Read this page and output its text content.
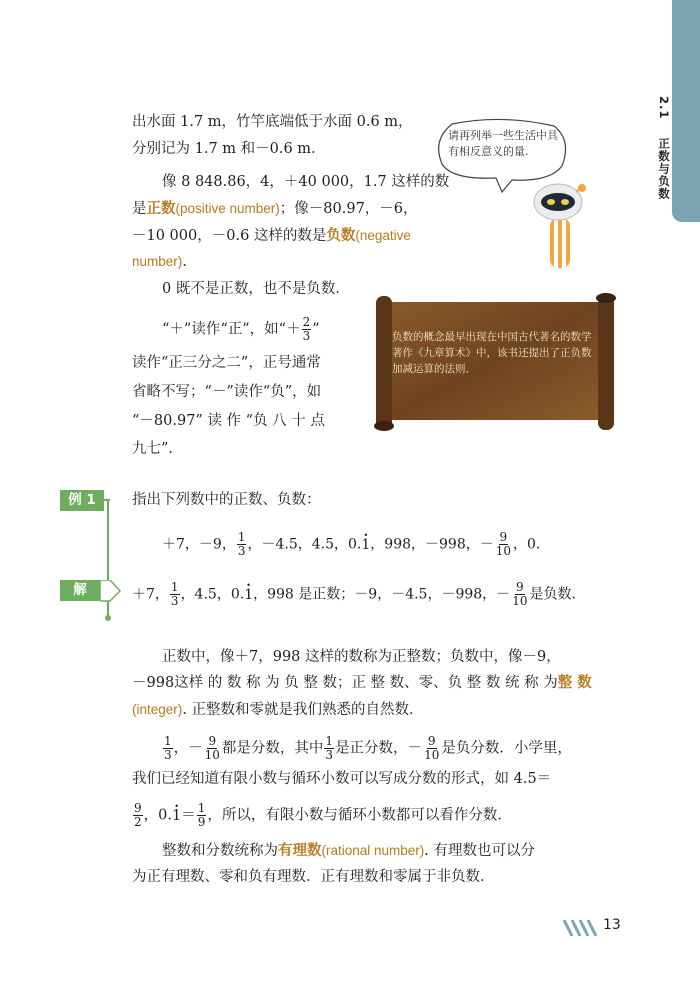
2.1  正数与负数
请再列举一些生活中具有相反意义的量.
出水面 1.7 m，竹竿底端低于水面 0.6 m，
分别记为 1.7 m 和－0.6 m．
像 8 848.86，4，＋40 000，1.7 这样的数
是正数(positive number)；像－80.97，－6，
－10 000，－0.6 这样的数是负数(negative
number).
0 既不是正数，也不是负数．
“＋”读作“正”，如“＋ $\frac{2}{3}$ ”
读作“正三分之二”，正号通常
省略不写；“－”读作“负”，如
“－80.97” 读 作 “负 八 十 点
九七”．
负数的概念最早出现在中国古代著名的数学著作《九章算术》中，该书还提出了正负数加减运算的法则．
例 1	指出下列数中的正数、负数：
＋7，－9， $\frac{1}{3}$ ，－4.5，4.5，0.1 •，998，－998，－ $\frac{9}{10}$ ，0.
解	＋7， $\frac{1}{3}$ ，4.5，0.1 •，998 是正数；－9，－4.5，－998，－ $\frac{9}{10}$ 是负数．
正数中，像＋7，998 这样的数称为正整数；负数中，像－9，
－998这样 的 数 称 为 负 整 数；正 整 数、零、负 整 数 统 称 为整 数
(integer). 正整数和零就是我们熟悉的自然数．
$\frac{1}{3}$ ，－ $\frac{9}{10}$ 都是分数，其中 $\frac{1}{3}$ 是正分数，－ $\frac{9}{10}$ 是负分数．小学里，
我们已经知道有限小数与循环小数可以写成分数的形式，如 4.5＝
$\frac{9}{2}$ ，0.1 •＝ $\frac{1}{9}$ ，所以，有限小数与循环小数都可以看作分数．
整数和分数统称为有理数(rational number). 有理数也可以分
为正有理数、零和负有理数．正有理数和零属于非负数．
13
